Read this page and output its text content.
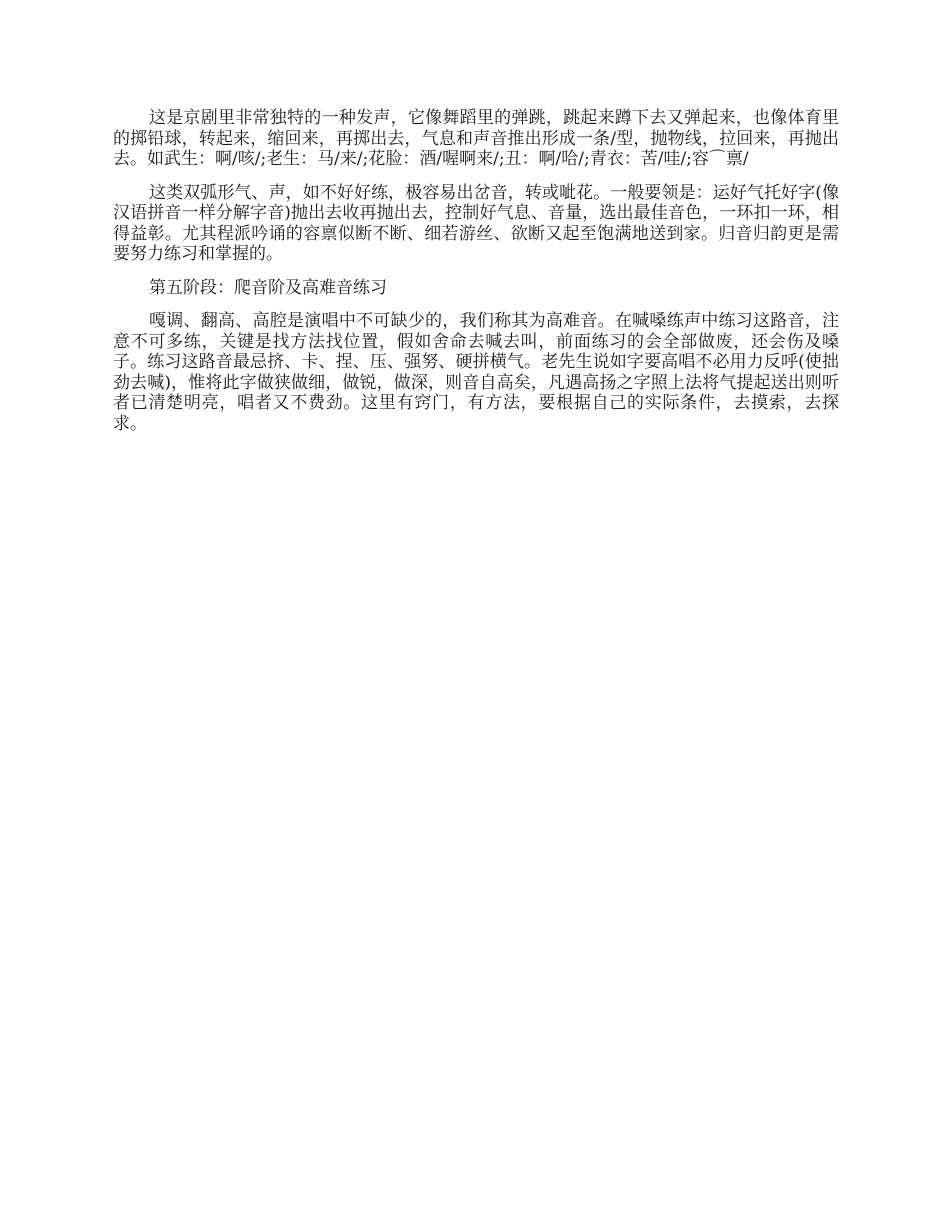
这是京剧里非常独特的一种发声，它像舞蹈里的弹跳，跳起来蹲下去又弹起来，也像体育里的掷铅球，转起来，缩回来，再掷出去，气息和声音推出形成一条/型，抛物线，拉回来，再抛出去。如武生：啊/咳/;老生：马/来/;花脸：酒/喔啊来/;丑：啊/哈/;青衣：苦/哇/;容⌒禀/

这类双弧形气、声，如不好好练，极容易出岔音，转或呲花。一般要领是：运好气托好字(像汉语拼音一样分解字音)抛出去收再抛出去，控制好气息、音量，选出最佳音色，一环扣一环，相得益彰。尤其程派吟诵的容禀似断不断、细若游丝、欲断又起至饱满地送到家。归音归韵更是需要努力练习和掌握的。

第五阶段：爬音阶及高难音练习

嘎调、翻高、高腔是演唱中不可缺少的，我们称其为高难音。在喊嗓练声中练习这路音，注意不可多练，关键是找方法找位置，假如舍命去喊去叫，前面练习的会全部做废，还会伤及嗓子。练习这路音最忌挤、卡、捏、压、强努、硬拼横气。老先生说如字要高唱不必用力反呼(使拙劲去喊)，惟将此字做狭做细，做锐，做深，则音自高矣，凡遇高扬之字照上法将气提起送出则听者已清楚明亮，唱者又不费劲。这里有窍门，有方法，要根据自己的实际条件，去摸索，去探求。
